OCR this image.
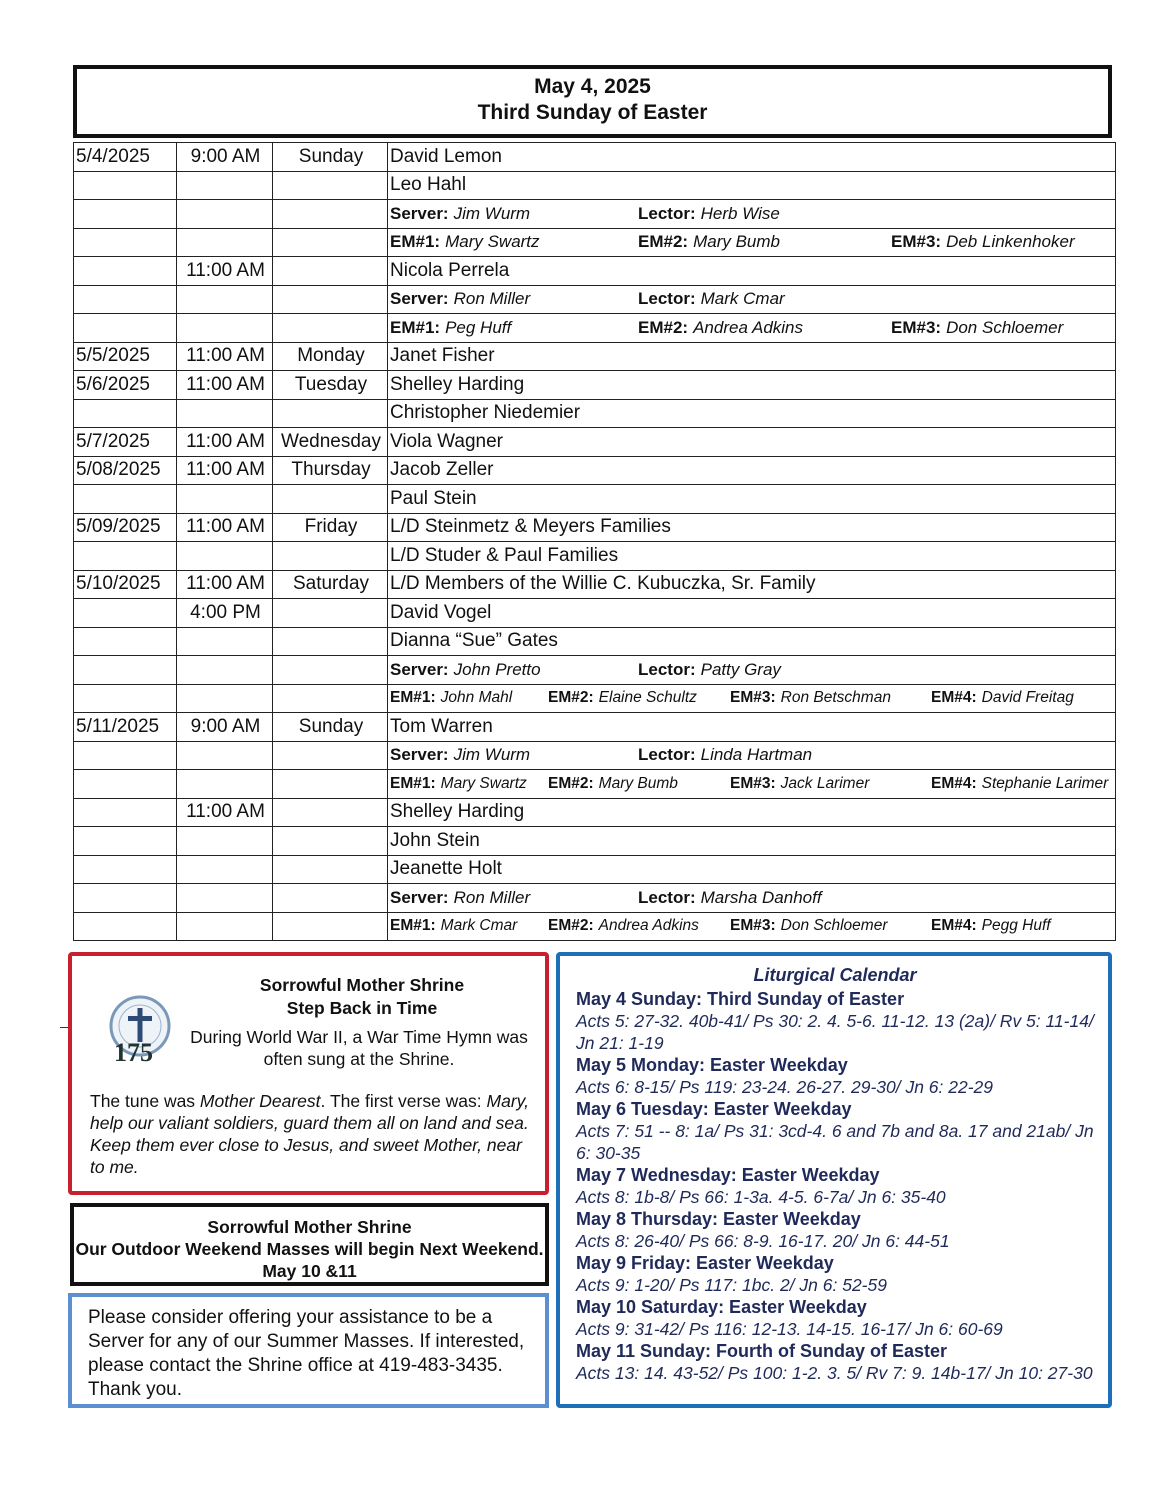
May 4, 2025
Third Sunday of Easter
5/4/2025	9:00 AM	Sunday	David Lemon
			Leo Hahl

			Server: Jim Wurm Lector: Herb Wise

			EM#1: Mary Swartz EM#2: Mary Bumb EM#3: Deb Linkenhoker

	11:00 AM		Nicola Perrela

			Server: Ron Miller Lector: Mark Cmar

			EM#1: Peg Huff EM#2: Andrea Adkins EM#3: Don Schloemer

5/5/2025	11:00 AM	Monday	Janet Fisher
5/6/2025	11:00 AM	Tuesday	Shelley Harding
			Christopher Niedemier
5/7/2025	11:00 AM	Wednesday	Viola Wagner
5/08/2025	11:00 AM	Thursday	Jacob Zeller
			Paul Stein
5/09/2025	11:00 AM	Friday	L/D Steinmetz & Meyers Families
			L/D Studer & Paul Families
5/10/2025	11:00 AM	Saturday	L/D Members of the Willie C. Kubuczka, Sr. Family
	4:00 PM		David Vogel
			Dianna “Sue” Gates

			Server: John Pretto Lector: Patty Gray

			EM#1: John Mahl EM#2: Elaine Schultz EM#3: Ron Betschman EM#4: David Freitag

5/11/2025	9:00 AM	Sunday	Tom Warren

			Server: Jim Wurm Lector: Linda Hartman

			EM#1: Mary Swartz EM#2: Mary Bumb EM#3: Jack Larimer EM#4: Stephanie Larimer

	11:00 AM		Shelley Harding
			John Stein
			Jeanette Holt

			Server: Ron Miller Lector: Marsha Danhoff

			EM#1: Mark Cmar EM#2: Andrea Adkins EM#3: Don Schloemer EM#4: Pegg Huff
Sorrowful Mother Shrine
Step Back in Time
175
During World War II, a War Time Hymn was often sung at the Shrine.
The tune was Mother Dearest. The first verse was: Mary, help our valiant soldiers, guard them all on land and sea. Keep them ever close to Jesus, and sweet Mother, near to me.
Sorrowful Mother Shrine
Our Outdoor Weekend Masses will begin Next Weekend. May 10 &11
Please consider offering your assistance to be a Server for any of our Summer Masses. If interested, please contact the Shrine office at 419-483-3435. Thank you.
Liturgical Calendar
May 4 Sunday: Third Sunday of Easter
Acts 5: 27-32. 40b-41/ Ps 30: 2. 4. 5-6. 11-12. 13 (2a)/ Rv 5: 11-14/ Jn 21: 1-19
May 5 Monday: Easter Weekday
Acts 6: 8-15/ Ps 119: 23-24. 26-27. 29-30/ Jn 6: 22-29
May 6 Tuesday: Easter Weekday
Acts 7: 51 -- 8: 1a/ Ps 31: 3cd-4. 6 and 7b and 8a. 17 and 21ab/ Jn 6: 30-35
May 7 Wednesday: Easter Weekday
Acts 8: 1b-8/ Ps 66: 1-3a. 4-5. 6-7a/ Jn 6: 35-40
May 8 Thursday: Easter Weekday
Acts 8: 26-40/ Ps 66: 8-9. 16-17. 20/ Jn 6: 44-51
May 9 Friday: Easter Weekday
Acts 9: 1-20/ Ps 117: 1bc. 2/ Jn 6: 52-59
May 10 Saturday: Easter Weekday
Acts 9: 31-42/ Ps 116: 12-13. 14-15. 16-17/ Jn 6: 60-69
May 11 Sunday: Fourth of Sunday of Easter
Acts 13: 14. 43-52/ Ps 100: 1-2. 3. 5/ Rv 7: 9. 14b-17/ Jn 10: 27-30
